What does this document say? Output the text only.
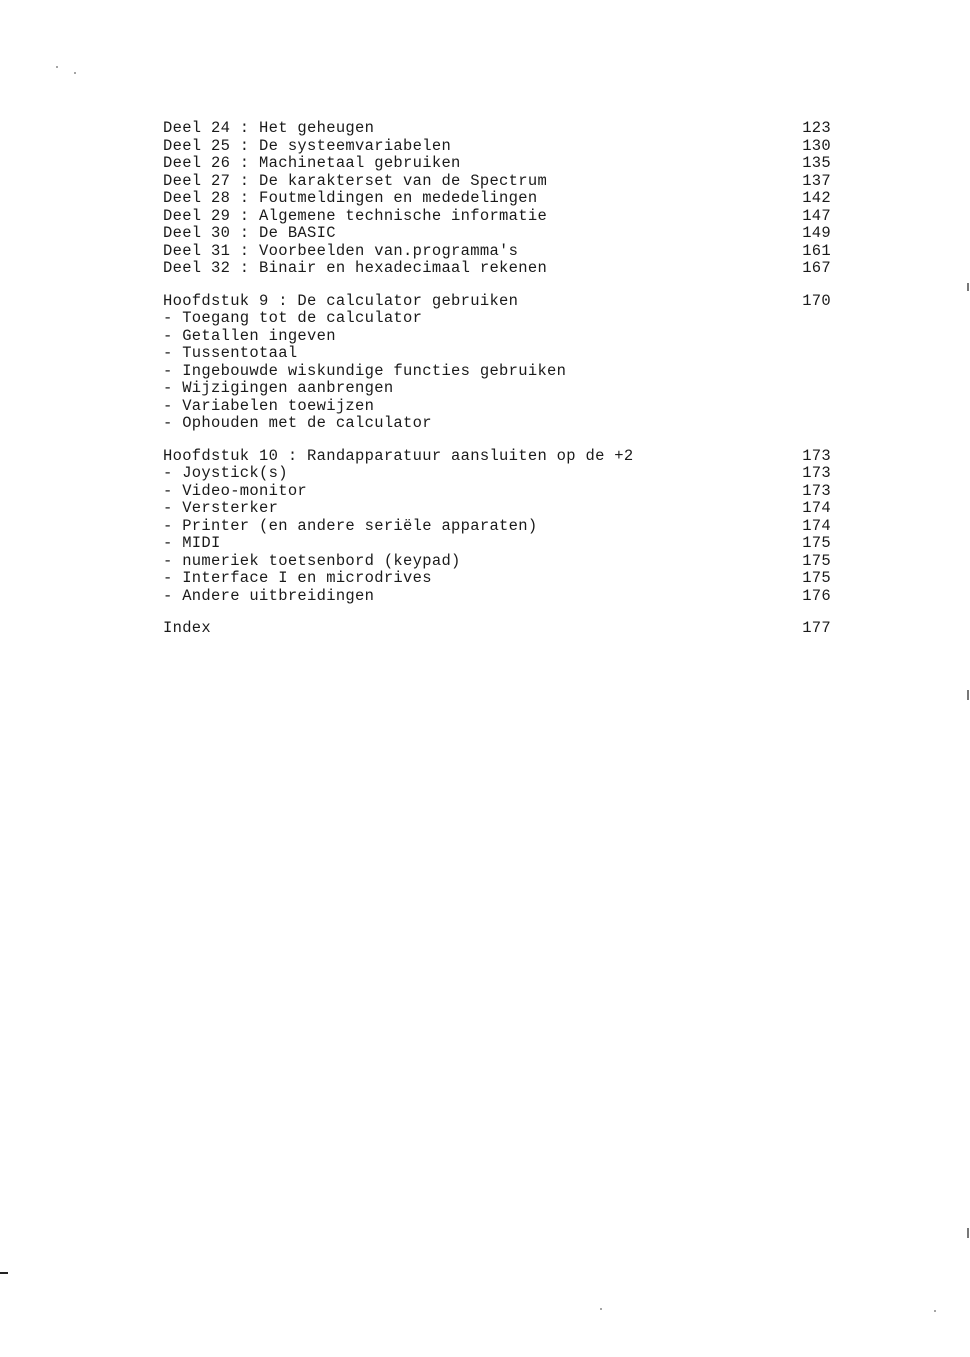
Deel 24 : Het geheugen	123
Deel 25 : De systeemvariabelen	130
Deel 26 : Machinetaal gebruiken	135
Deel 27 : De karakterset van de Spectrum	137
Deel 28 : Foutmeldingen en mededelingen	142
Deel 29 : Algemene technische informatie	147
Deel 30 : De BASIC	149
Deel 31 : Voorbeelden van.programma's	161
Deel 32 : Binair en hexadecimaal rekenen	167
Hoofdstuk 9 : De calculator gebruiken	170
- Toegang tot de calculator
- Getallen ingeven
- Tussentotaal
- Ingebouwde wiskundige functies gebruiken
- Wijzigingen aanbrengen
- Variabelen toewijzen
- Ophouden met de calculator
Hoofdstuk 10 : Randapparatuur aansluiten op de +2	173
- Joystick(s)	173
- Video-monitor	173
- Versterker	174
- Printer (en andere seriële apparaten)	174
- MIDI	175
- numeriek toetsenbord (keypad)	175
- Interface I en microdrives	175
- Andere uitbreidingen	176
Index	177
